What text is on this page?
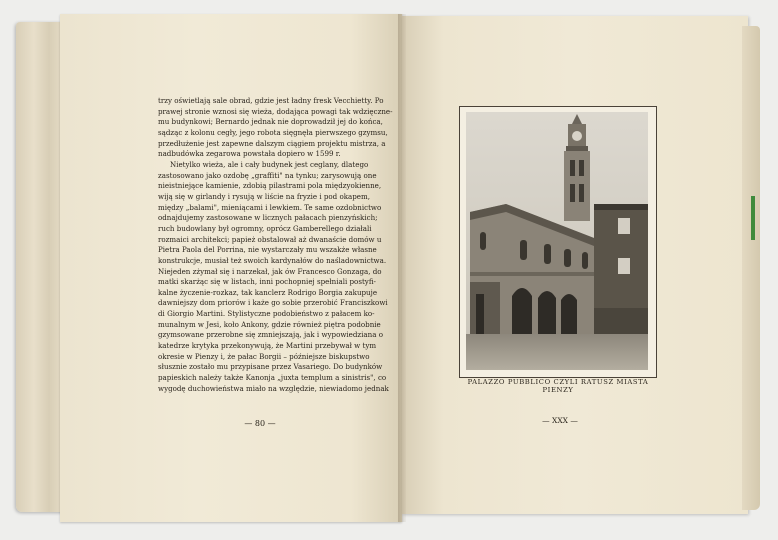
trzy oświetlają sale obrad, gdzie jest ładny fresk Vecchietty. Po
prawej stronie wznosi się wieża, dodająca powagi tak wdzięczne-
mu budynkowi; Bernardo jednak nie doprowadził jej do końca,
sądząc z kolonu cegły, jego robota sięgnęła pierwszego gzymsu,
przedłużenie jest zapewne dalszym ciągiem projektu mistrza, a
nadbudówka zegarowa powstała dopiero w 1599 r.
Nietylko wieża, ale i cały budynek jest ceglany, dlatego
zastosowano jako ozdobę „graffiti" na tynku; zarysowują one
nieistniejące kamienie, zdobią pilastrami pola międzyokienne,
wiją się w girlandy i rysują w liście na fryzie i pod okapem,
między „balami", mieniącami i lewkiem. Te same ozdobnictwo
odnajdujemy zastosowane w licznych pałacach pienzyńskich;
ruch budowlany był ogromny, oprócz Gamberellego działali
rozmaici architekci; papież obstalował aż dwanaście domów u
Pietra Paola del Porrina, nie wystarczały mu wszakże własne
konstrukcje, musiał też swoich kardynałów do naśladownictwa.
Niejeden zżymał się i narzekał, jak ów Francesco Gonzaga, do
matki skarżąc się w listach, inni pochopniej spełniali postyfi-
kalne życzenie-rozkaz, tak kanclerz Rodrigo Borgia zakupuje
dawniejszy dom priorów i każe go sobie przerobić Franciszkowi
di Giorgio Martini. Stylistyczne podobieństwo z pałacem ko-
munalnym w Jesi, koło Ankony, gdzie również piętra podobnie
gzymsowane przerobne się zmniejszają, jak i wypowiedziana o
katedrze krytyka przekonywują, że Martini przebywał w tym
okresie w Pienzy i, że pałac Borgii – późniejsze biskupstwo
słusznie zostało mu przypisane przez Vasariego. Do budynków
papieskich należy także Kanonja „juxta templum a sinistris", co
wygodę duchowieństwa miało na względzie, niewiadomo jednak
— 80 —
PALAZZO PUBBLICO CZYLI RATUSZ MIASTA PIENZY
— XXX —
